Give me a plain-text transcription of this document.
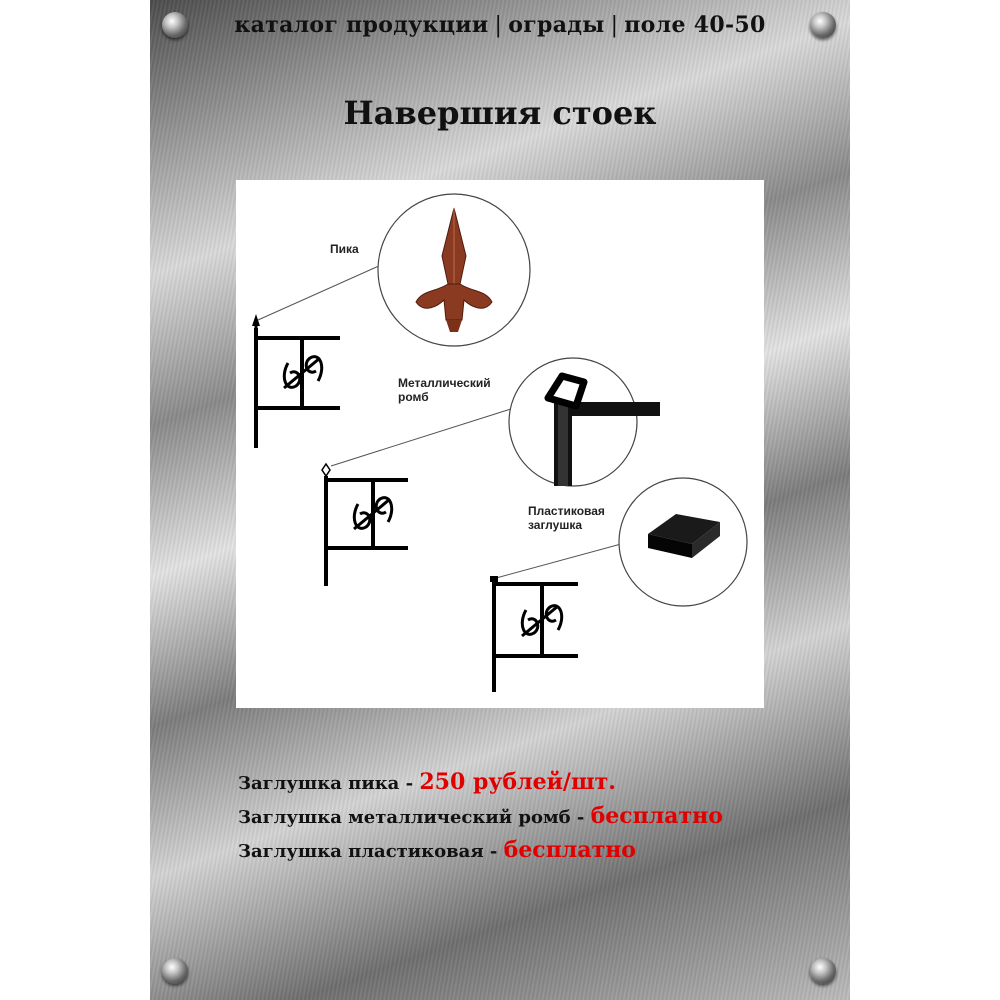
каталог продукции | ограды | поле 40-50
Навершия стоек
Пика
Металлический
ромб
Пластиковая
заглушка
Заглушка пика - 250 рублей/шт.
Заглушка металлический ромб - бесплатно
Заглушка пластиковая - бесплатно
